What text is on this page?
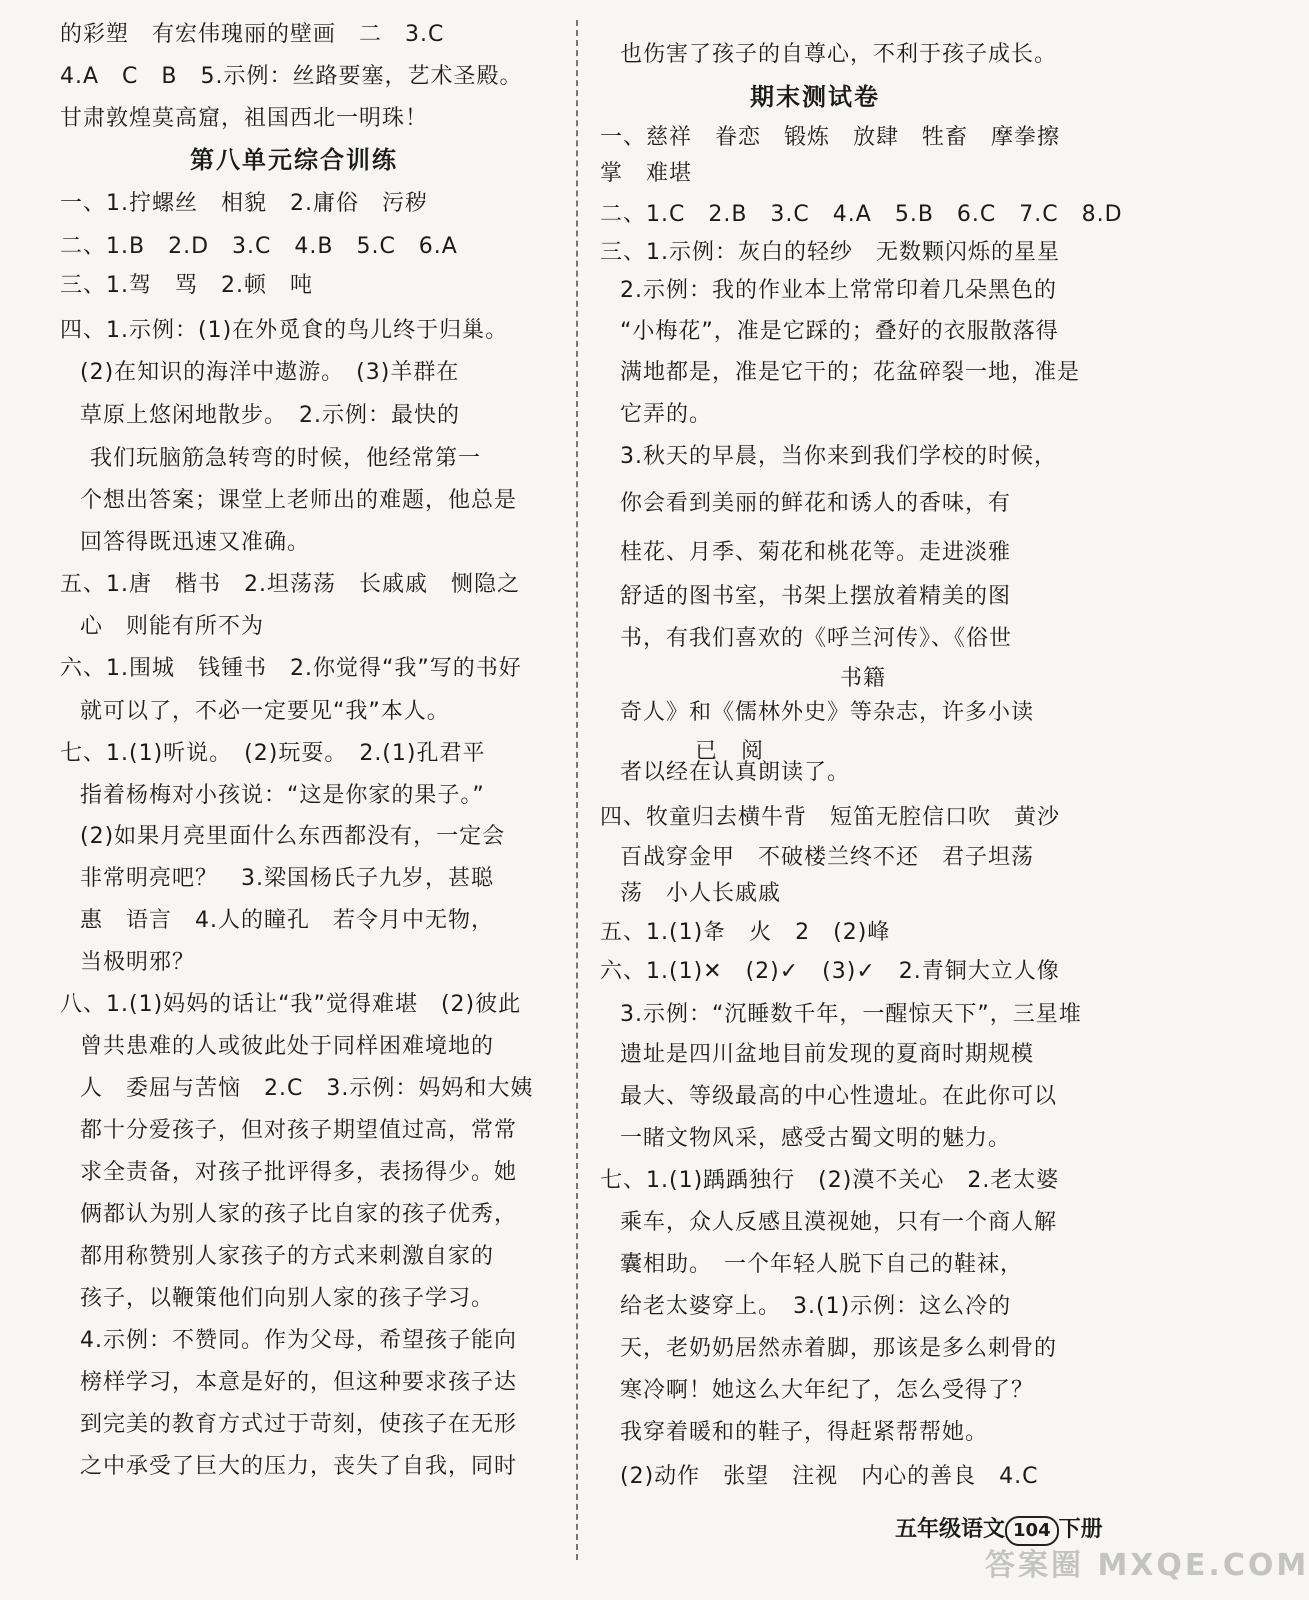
的彩塑　有宏伟瑰丽的壁画　二　3.C
4.A　C　B　5.示例：丝路要塞，艺术圣殿。
甘肃敦煌莫高窟，祖国西北一明珠！
第八单元综合训练
一、1.拧螺丝　相貌　2.庸俗　污秽
二、1.B　2.D　3.C　4.B　5.C　6.A
三、1.驾　骂　2.顿　吨
四、1.示例：(1)在外觅食的鸟儿终于归巢。
(2)在知识的海洋中遨游。　(3)羊群在
草原上悠闲地散步。　2.示例：最快的
我们玩脑筋急转弯的时候，他经常第一
个想出答案；课堂上老师出的难题，他总是
回答得既迅速又准确。
五、1.唐　楷书　2.坦荡荡　长戚戚　恻隐之
心　则能有所不为
六、1.围城　钱锺书　2.你觉得“我”写的书好
就可以了，不必一定要见“我”本人。
七、1.(1)听说。　(2)玩耍。　2.(1)孔君平
指着杨梅对小孩说：“这是你家的果子。”
(2)如果月亮里面什么东西都没有，一定会
非常明亮吧？　3.梁国杨氏子九岁，甚聪
惠　语言　4.人的瞳孔　若令月中无物，
当极明邪？
八、1.(1)妈妈的话让“我”觉得难堪　(2)彼此
曾共患难的人或彼此处于同样困难境地的
人　委屈与苦恼　2.C　3.示例：妈妈和大姨
都十分爱孩子，但对孩子期望值过高，常常
求全责备，对孩子批评得多，表扬得少。她
俩都认为别人家的孩子比自家的孩子优秀，
都用称赞别人家孩子的方式来刺激自家的
孩子，以鞭策他们向别人家的孩子学习。
4.示例：不赞同。作为父母，希望孩子能向
榜样学习，本意是好的，但这种要求孩子达
到完美的教育方式过于苛刻，使孩子在无形
之中承受了巨大的压力，丧失了自我，同时
也伤害了孩子的自尊心，不利于孩子成长。
期末测试卷
一、慈祥　眷恋　锻炼　放肆　牲畜　摩拳擦
掌　难堪
二、1.C　2.B　3.C　4.A　5.B　6.C　7.C　8.D
三、1.示例：灰白的轻纱　无数颗闪烁的星星
2.示例：我的作业本上常常印着几朵黑色的
“小梅花”，准是它踩的；叠好的衣服散落得
满地都是，准是它干的；花盆碎裂一地，准是
它弄的。
3.秋天的早晨，当你来到我们学校的时候，
你会看到美丽的鲜花和诱人的香味，有
桂花、月季、菊花和桃花等。走进淡雅
舒适的图书室，书架上摆放着精美的图
书，有我们喜欢的《呼兰河传》、《俗世
书籍
奇人》和《儒林外史》等杂志，许多小读
已　阅
者以经在认真朗读了。
四、牧童归去横牛背　短笛无腔信口吹　黄沙
百战穿金甲　不破楼兰终不还　君子坦荡
荡　小人长戚戚
五、1.(1)夅　火　2　(2)峰
六、1.(1)✕　(2)✓　(3)✓　2.青铜大立人像
3.示例：“沉睡数千年，一醒惊天下”，三星堆
遗址是四川盆地目前发现的夏商时期规模
最大、等级最高的中心性遗址。在此你可以
一睹文物风采，感受古蜀文明的魅力。
七、1.(1)踽踽独行　(2)漠不关心　2.老太婆
乘车，众人反感且漠视她，只有一个商人解
囊相助。　一个年轻人脱下自己的鞋袜，
给老太婆穿上。　3.(1)示例：这么冷的
天，老奶奶居然赤着脚，那该是多么刺骨的
寒冷啊！她这么大年纪了，怎么受得了？
我穿着暖和的鞋子，得赶紧帮帮她。
(2)动作　张望　注视　内心的善良　4.C
五年级语文 104 下册
答案圈 MXQE.COM
